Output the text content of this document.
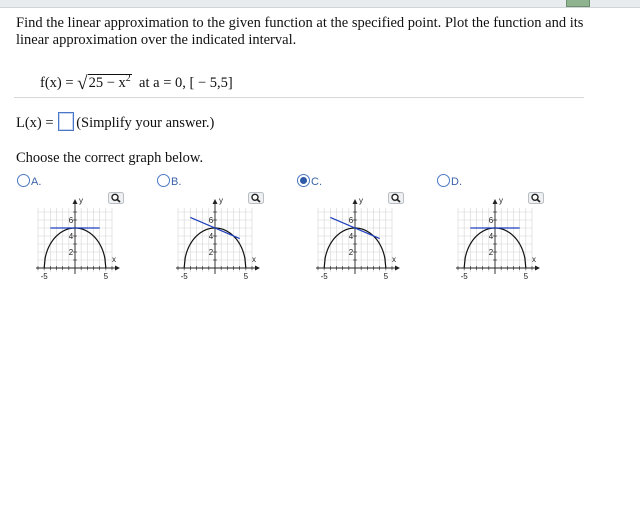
Find the linear approximation to the given function at the specified point. Plot the function and its linear approximation over the indicated interval.
$f(x) = √25 - x^2$  at a = 0, [ − 5,5]
L(x) = (Simplify your answer.)
Choose the correct graph below.
A.	B.	C.	D.
y
x
6
4
2
-5	5
y
x
6
4
2
-5	5
y
x
6
4
2
-5	5
y
x
6
4
2
-5	5
